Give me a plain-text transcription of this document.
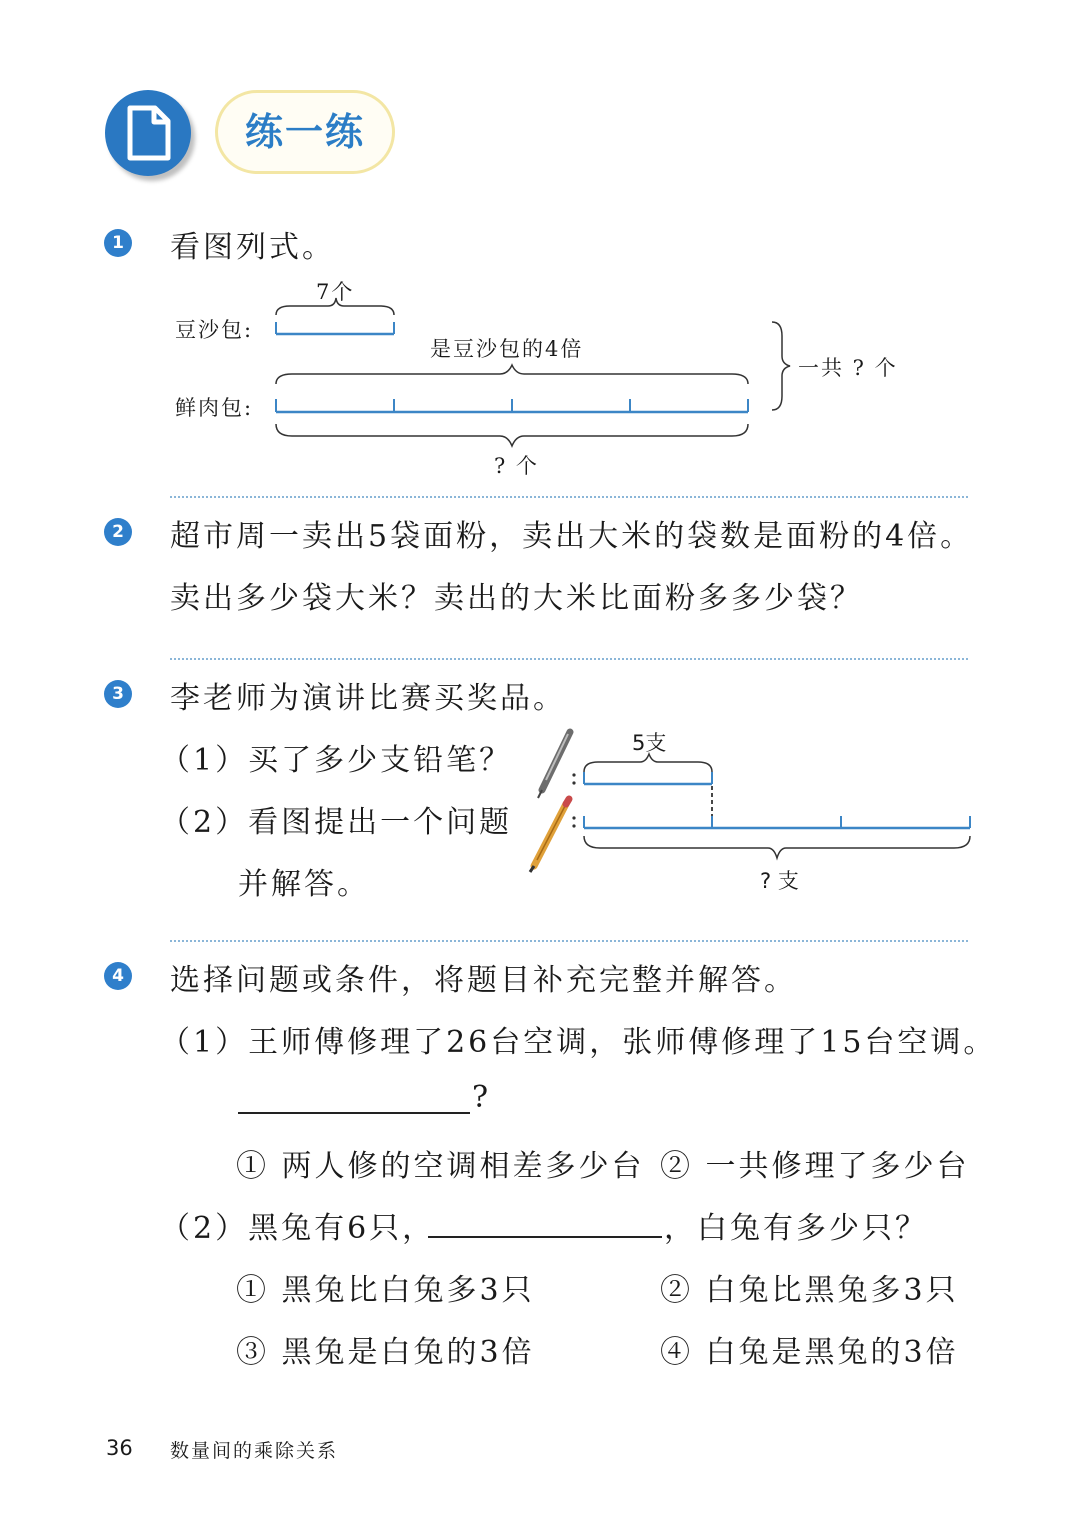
练一练
1 看图列式。
豆沙包:
鲜肉包:
7个
是豆沙包的4倍
一共 ? 个
? 个
2 超市周一卖出5袋面粉，卖出大米的袋数是面粉的4倍。
卖出多少袋大米？卖出的大米比面粉多多少袋？
3 李老师为演讲比赛买奖品。
（1）买了多少支铅笔？
（2）看图提出一个问题
并解答。
5支
? 支
4 选择问题或条件，将题目补充完整并解答。
（1）王师傅修理了26台空调，张师傅修理了15台空调。
?
① 两人修的空调相差多少台 ② 一共修理了多少台
（2）黑兔有6只，	，白兔有多少只？
① 黑兔比白兔多3只	② 白兔比黑兔多3只
③ 黑兔是白兔的3倍	④ 白兔是黑兔的3倍
36 数量间的乘除关系
